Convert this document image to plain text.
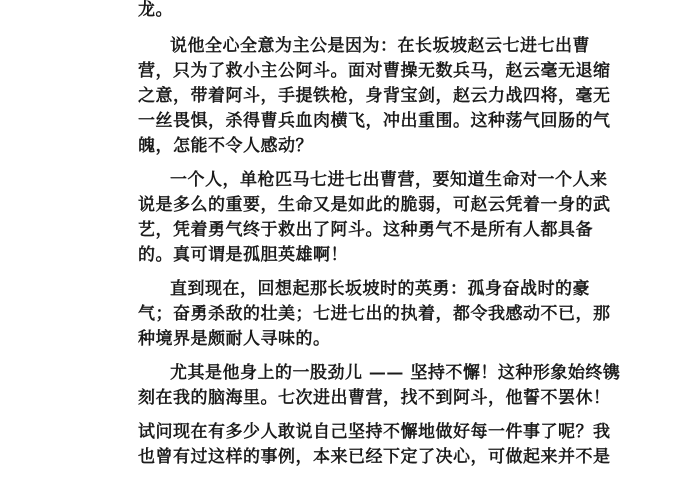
龙。
说他全心全意为主公是因为：在长坂坡赵云七进七出曹
营，只为了救小主公阿斗。面对曹操无数兵马，赵云毫无退缩
之意，带着阿斗，手提铁枪，身背宝剑，赵云力战四将，毫无
一丝畏惧，杀得曹兵血肉横飞，冲出重围。这种荡气回肠的气
魄，怎能不令人感动？
一个人，单枪匹马七进七出曹营，要知道生命对一个人来
说是多么的重要，生命又是如此的脆弱，可赵云凭着一身的武
艺，凭着勇气终于救出了阿斗。这种勇气不是所有人都具备
的。真可谓是孤胆英雄啊！
直到现在，回想起那长坂坡时的英勇：孤身奋战时的豪
气；奋勇杀敌的壮美；七进七出的执着，都令我感动不已，那
种境界是颇耐人寻味的。
尤其是他身上的一股劲儿 —— 坚持不懈！这种形象始终镌
刻在我的脑海里。七次进出曹营，找不到阿斗，他誓不罢休！
试问现在有多少人敢说自己坚持不懈地做好每一件事了呢？我
也曾有过这样的事例，本来已经下定了决心，可做起来并不是
